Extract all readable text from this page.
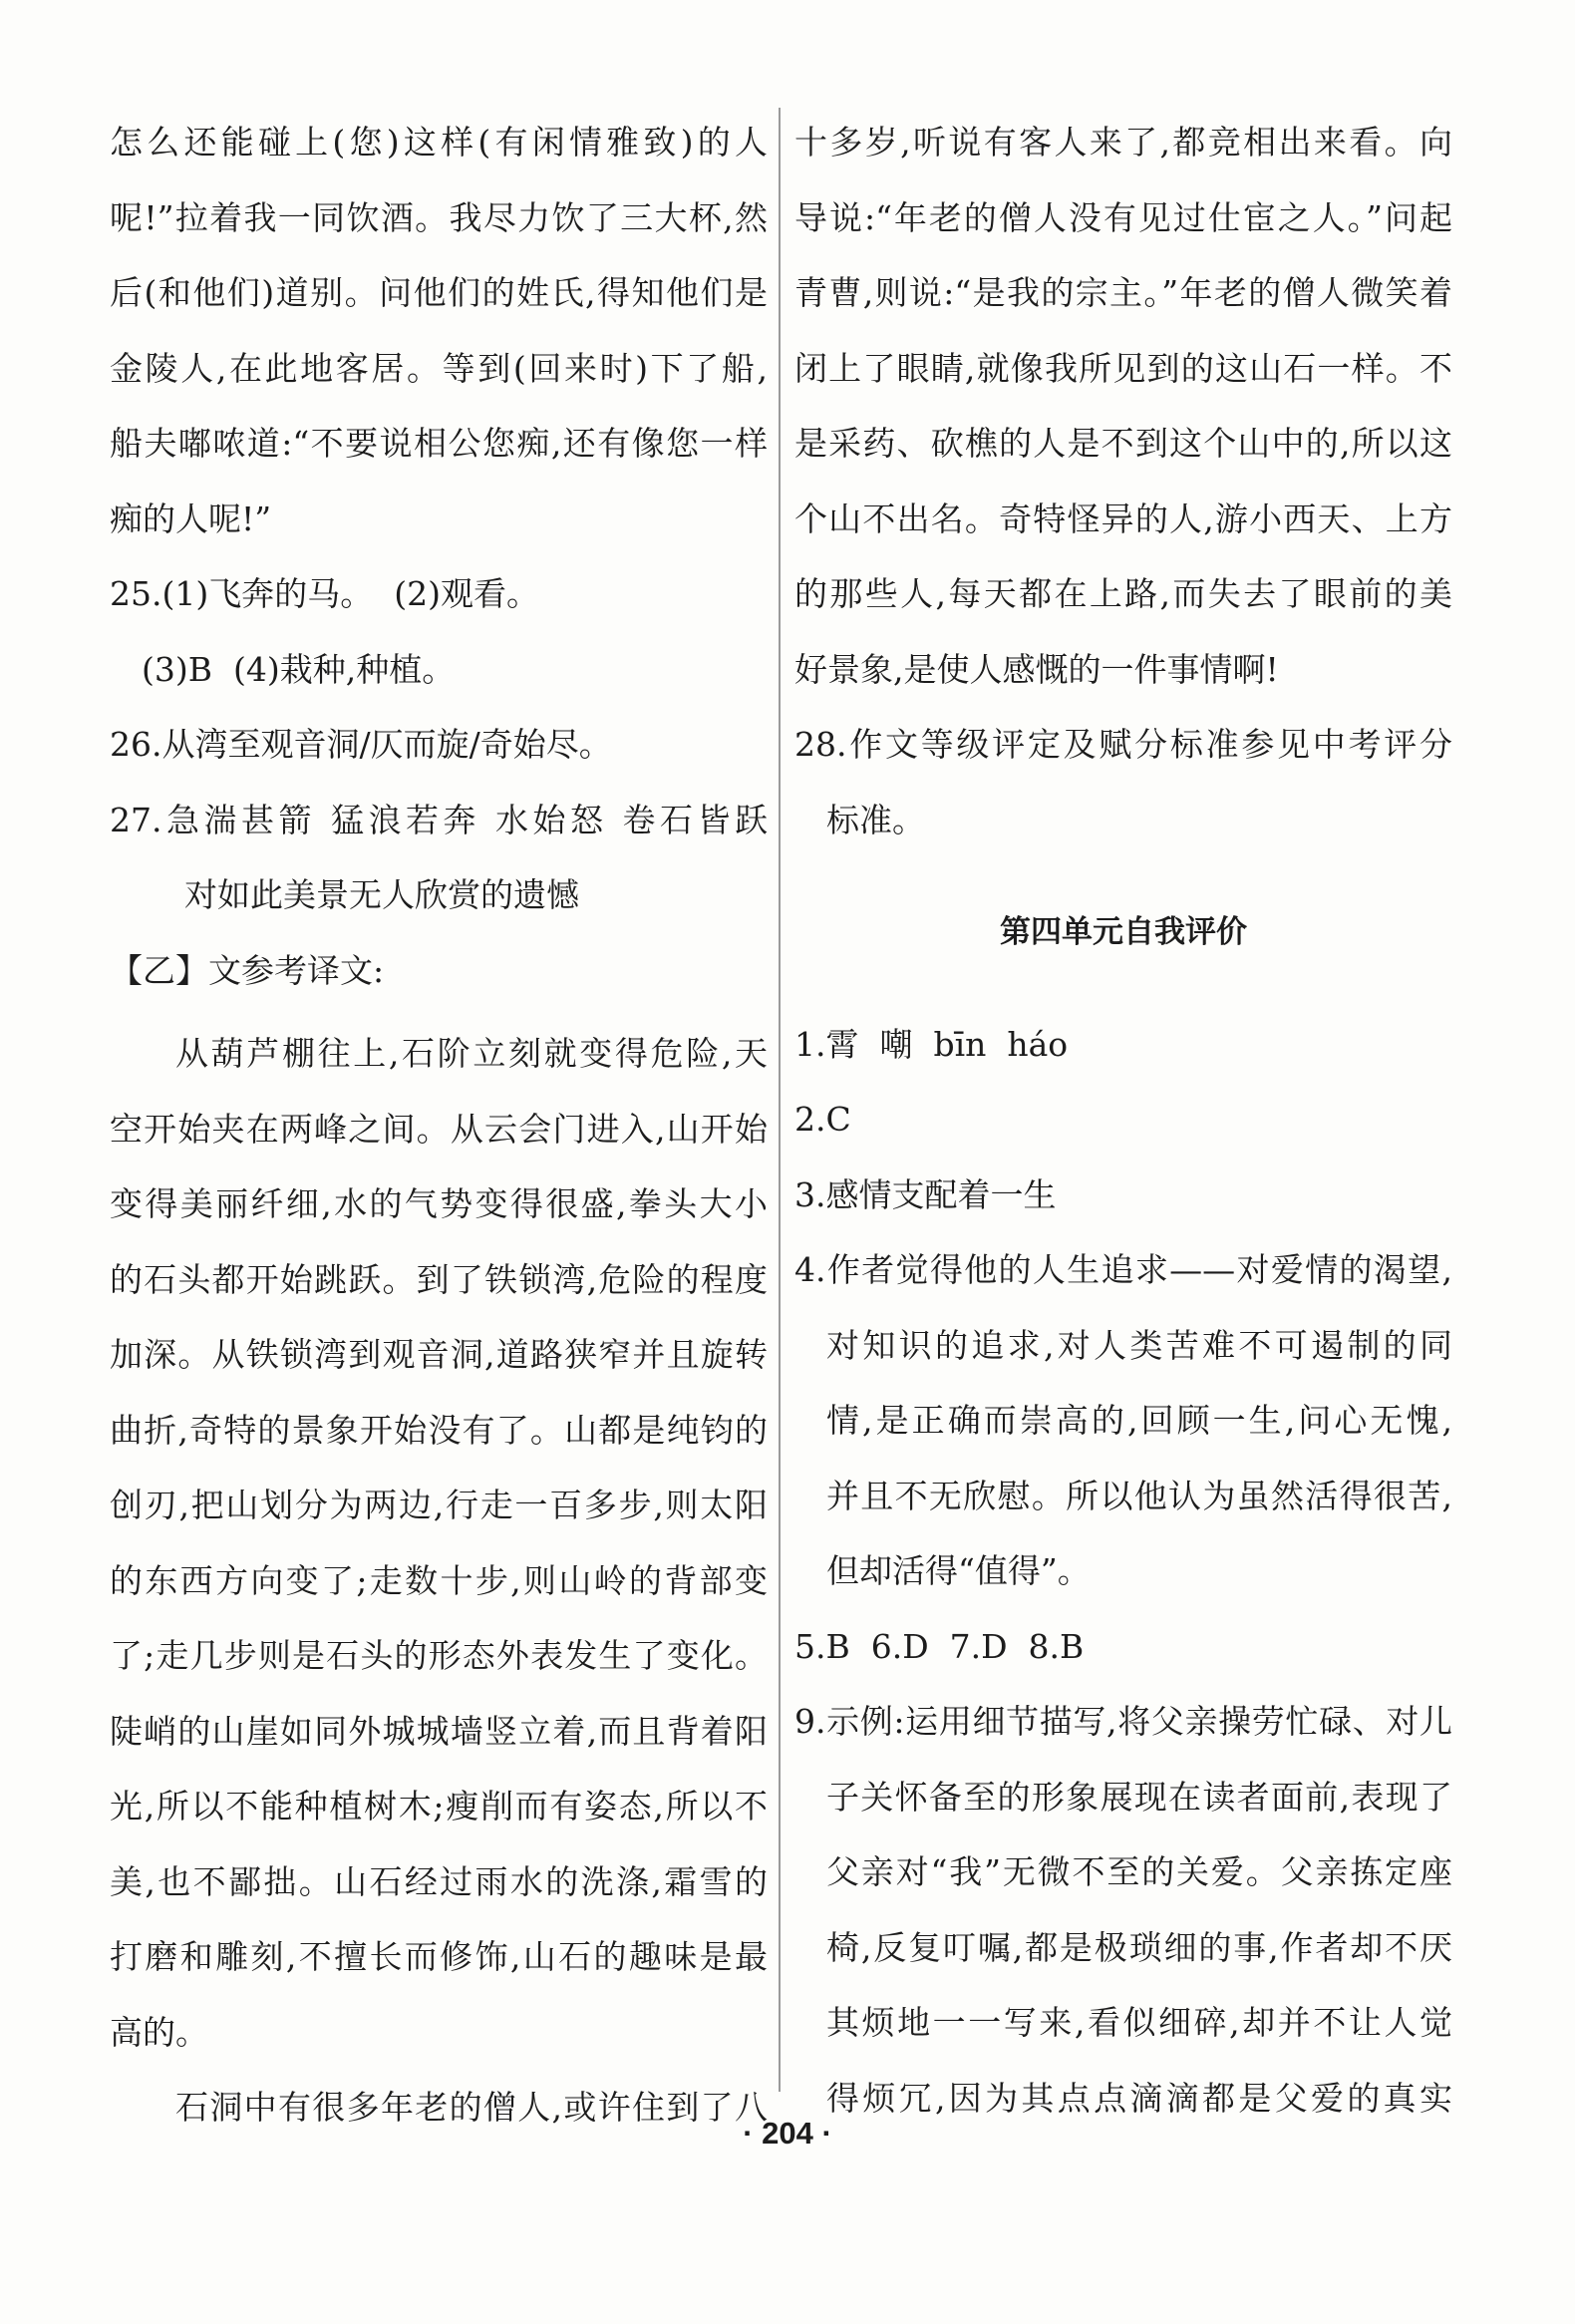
怎么还能碰上(您)这样(有闲情雅致)的人

呢!”拉着我一同饮酒。我尽力饮了三大杯,然

后(和他们)道别。问他们的姓氏,得知他们是

金陵人,在此地客居。等到(回来时)下了船,

船夫嘟哝道:“不要说相公您痴,还有像您一样

痴的人呢!”

25.(1)飞奔的马。  (2)观看。

(3)B  (4)栽种,种植。

26.从湾至观音洞/仄而旋/奇始尽。

27.急湍甚箭 猛浪若奔 水始怒 卷石皆跃

对如此美景无人欣赏的遗憾

【乙】文参考译文:

从葫芦棚往上,石阶立刻就变得危险,天

空开始夹在两峰之间。从云会门进入,山开始

变得美丽纤细,水的气势变得很盛,拳头大小

的石头都开始跳跃。到了铁锁湾,危险的程度

加深。从铁锁湾到观音洞,道路狭窄并且旋转

曲折,奇特的景象开始没有了。山都是纯钧的

创刃,把山划分为两边,行走一百多步,则太阳

的东西方向变了;走数十步,则山岭的背部变

了;走几步则是石头的形态外表发生了变化。

陡峭的山崖如同外城城墙竖立着,而且背着阳

光,所以不能种植树木;瘦削而有姿态,所以不

美,也不鄙拙。山石经过雨水的洗涤,霜雪的

打磨和雕刻,不擅长而修饰,山石的趣味是最

高的。

石洞中有很多年老的僧人,或许住到了八

十多岁,听说有客人来了,都竞相出来看。向

导说:“年老的僧人没有见过仕宦之人。”问起

青曹,则说:“是我的宗主。”年老的僧人微笑着

闭上了眼睛,就像我所见到的这山石一样。不

是采药、砍樵的人是不到这个山中的,所以这

个山不出名。奇特怪异的人,游小西天、上方

的那些人,每天都在上路,而失去了眼前的美

好景象,是使人感慨的一件事情啊!

28.作文等级评定及赋分标准参见中考评分

标准。

第四单元自我评价

1.霄  嘲  bīn  háo

2.C

3.感情支配着一生

4.作者觉得他的人生追求——对爱情的渴望,

对知识的追求,对人类苦难不可遏制的同

情,是正确而崇高的,回顾一生,问心无愧,

并且不无欣慰。所以他认为虽然活得很苦,

但却活得“值得”。

5.B  6.D  7.D  8.B

9.示例:运用细节描写,将父亲操劳忙碌、对儿

子关怀备至的形象展现在读者面前,表现了

父亲对“我”无微不至的关爱。父亲拣定座

椅,反复叮嘱,都是极琐细的事,作者却不厌

其烦地一一写来,看似细碎,却并不让人觉

得烦冗,因为其点点滴滴都是父爱的真实

· 204 ·
